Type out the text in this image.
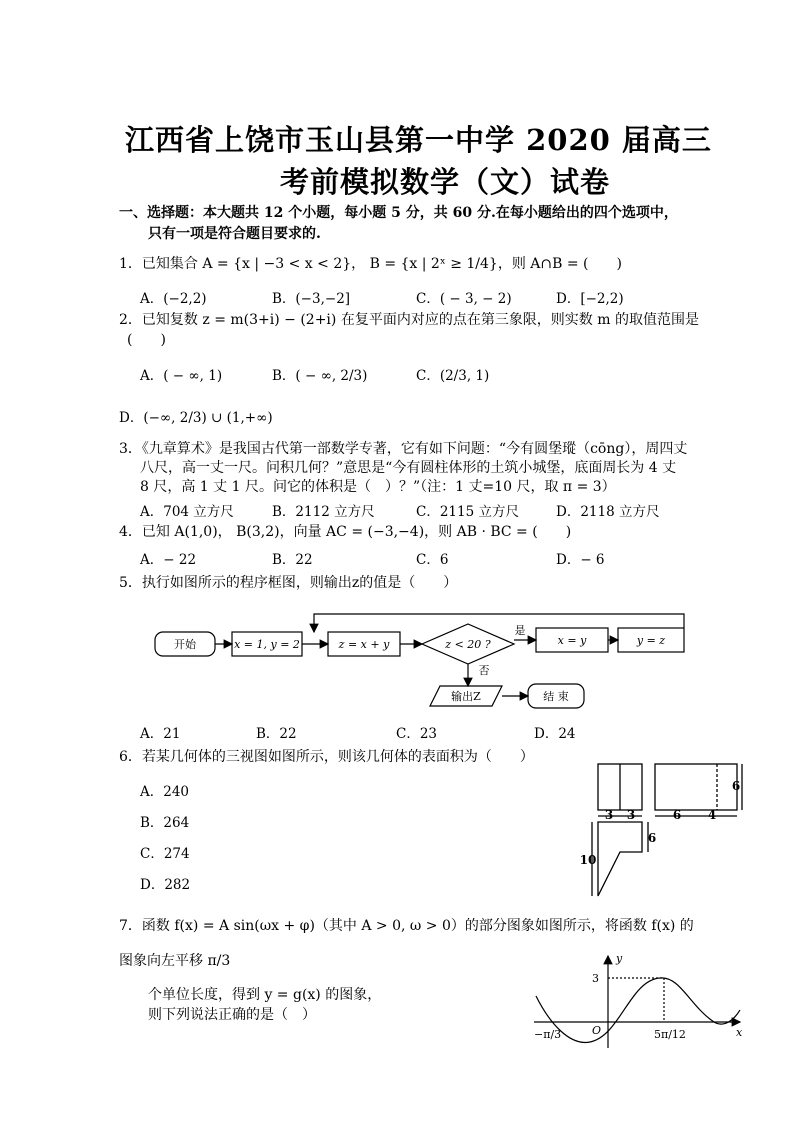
江西省上饶市玉山县第一中学 2020 届高三
考前模拟数学（文）试卷
一、选择题：本大题共 12 个小题，每小题 5 分，共 60 分.在每小题给出的四个选项中，
只有一项是符合题目要求的.
1．已知集合 A = {x | −3 < x < 2}， B = {x | 2ˣ ≥ 1/4}，则 A∩B = (　　)
A．(−2,2)	B．(−3,−2]	C．( − 3, − 2)	D．[−2,2)
2．已知复数 z = m(3+i) − (2+i) 在复平面内对应的点在第三象限，则实数 m 的取值范围是
(　　)
A．( − ∞, 1)	B．( − ∞, 2/3)	C．(2/3, 1)
D．(−∞, 2/3) ∪ (1,+∞)
3．《九章算术》是我国古代第一部数学专著，它有如下问题：“今有圆堡瑽（cōng），周四丈
八尺，高一丈一尺。问积几何？”意思是“今有圆柱体形的土筑小城堡，底面周长为 4 丈
8 尺，高 1 丈 1 尺。问它的体积是（　）？”（注：1 丈=10 尺，取 π = 3）
A．704 立方尺	B．2112 立方尺	C．2115 立方尺	D．2118 立方尺
4．已知 A(1,0)， B(3,2)，向量 AC = (−3,−4)，则 AB · BC = (　　)
A．− 22	B．22	C．6	D．− 6
5．执行如图所示的程序框图，则输出z的值是（　　）
开始	x = 1, y = 2	z = x + y	z < 20 ?
是
否
x = y	y = z
输出Z	结 束
A．21	B．22	C．23	D．24
6．若某几何体的三视图如图所示，则该几何体的表面积为（　　）
A．240
B．264
C．274
D．282
3 3	6 4
6
10
6
7．函数 f(x) = A sin(ωx + φ)（其中 A > 0, ω > 0）的部分图象如图所示，将函数 f(x) 的
图象向左平移 π/3
个单位长度，得到 y = g(x) 的图象，
则下列说法正确的是（　）
y
x
O
3
−π/3	5π/12
